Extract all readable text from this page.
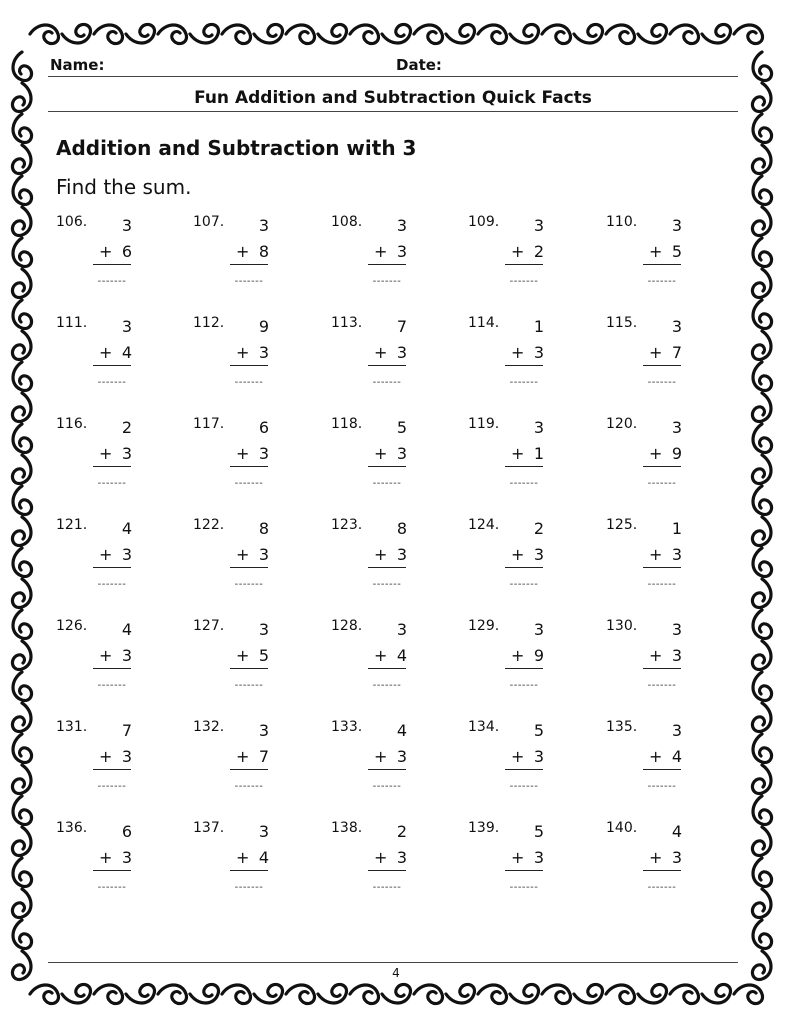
Name:	Date:
Fun Addition and Subtraction Quick Facts
Addition and Subtraction with 3
Find the sum.
106.	3
+ 6
-------
107.	3
+ 8
-------
108.	3
+ 3
-------
109.	3
+ 2
-------
110.	3
+ 5
-------
111.	3
+ 4
-------
112.	9
+ 3
-------
113.	7
+ 3
-------
114.	1
+ 3
-------
115.	3
+ 7
-------
116.	2
+ 3
-------
117.	6
+ 3
-------
118.	5
+ 3
-------
119.	3
+ 1
-------
120.	3
+ 9
-------
121.	4
+ 3
-------
122.	8
+ 3
-------
123.	8
+ 3
-------
124.	2
+ 3
-------
125.	1
+ 3
-------
126.	4
+ 3
-------
127.	3
+ 5
-------
128.	3
+ 4
-------
129.	3
+ 9
-------
130.	3
+ 3
-------
131.	7
+ 3
-------
132.	3
+ 7
-------
133.	4
+ 3
-------
134.	5
+ 3
-------
135.	3
+ 4
-------
136.	6
+ 3
-------
137.	3
+ 4
-------
138.	2
+ 3
-------
139.	5
+ 3
-------
140.	4
+ 3
-------
4
